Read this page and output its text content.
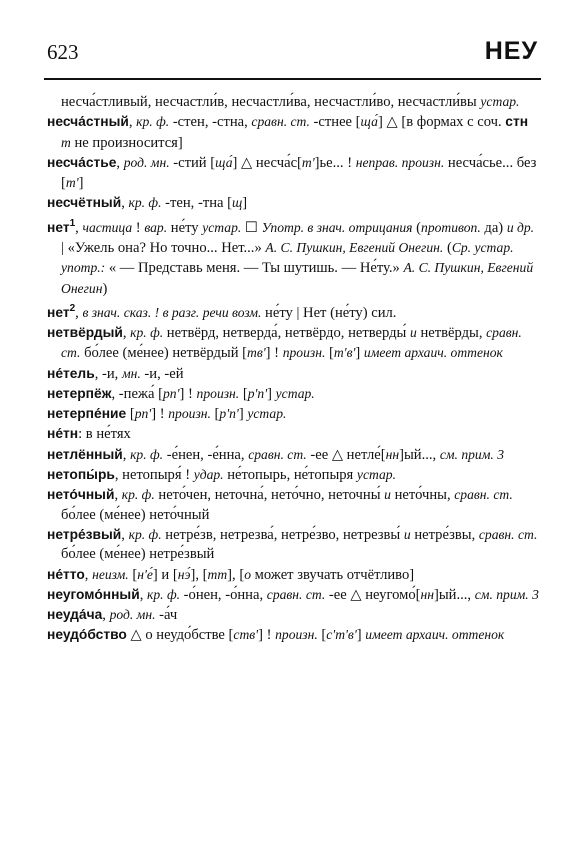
623	НЕУ
несча́стливый, несчастли́в, несчастли́ва, несчастли́во, несчастли́вы устар.
несча́стный, кр. ф. -стен, -стна, сравн. ст. -стнее [ща́] △ [в формах с соч. стн т не произносится]
несча́стье, род. мн. -стий [ща́] △ несча́с[т']ье... ! неправ. произн. несча́сье... без [т']
несчётный, кр. ф. -тен, -тна [щ]
нет$^1$, частица ! вар. не́ту устар. ☐ Употр. в знач. отрицания (противоп. да) и др. | «Ужель она? Но точно... Нет...» А. С. Пушкин, Евгений Онегин. (Ср. устар. употр.: « — Представь меня. — Ты шутишь. — Не́ту.» А. С. Пушкин, Евгений Онегин)
нет$^2$, в знач. сказ. ! в разг. речи возм. не́ту | Нет (не́ту) сил.
нетвёрдый, кр. ф. нетвёрд, нетверда́, нетвёрдо, нетверды́ и нетвёрды, сравн. ст. бо́лее (ме́нее) нетвёрдый [тв'] ! произн. [т'в'] имеет архаич. оттенок
не́тель, -и, мн. -и, -ей
нетерпёж, -пежа́ [рп'] ! произн. [р'п'] устар.
нетерпе́ние [рп'] ! произн. [р'п'] устар.
не́тн: в не́тях
нетлённый, кр. ф. -е́нен, -е́нна, сравн. ст. -ее △ нетле́[нн]ый..., см. прим. 3
нетопы́рь, нетопыря́ ! удар. не́топырь, не́топыря устар.
нето́чный, кр. ф. нето́чен, неточна́, нето́чно, неточны́ и нето́чны, сравн. ст. бо́лее (ме́нее) нето́чный
нетре́звый, кр. ф. нетре́зв, нетрезва́, нетре́зво, нетрезвы́ и нетре́звы, сравн. ст. бо́лее (ме́нее) нетре́звый
не́тто, неизм. [н'е́] и [нэ́], [тт], [о может звучать отчётливо]
неугомо́нный, кр. ф. -о́нен, -о́нна, сравн. ст. -ее △ неугомо́[нн]ый..., см. прим. 3
неуда́ча, род. мн. -а́ч
неудо́бство △ о неудо́бстве [ств'] ! произн. [с'т'в'] имеет архаич. оттенок
